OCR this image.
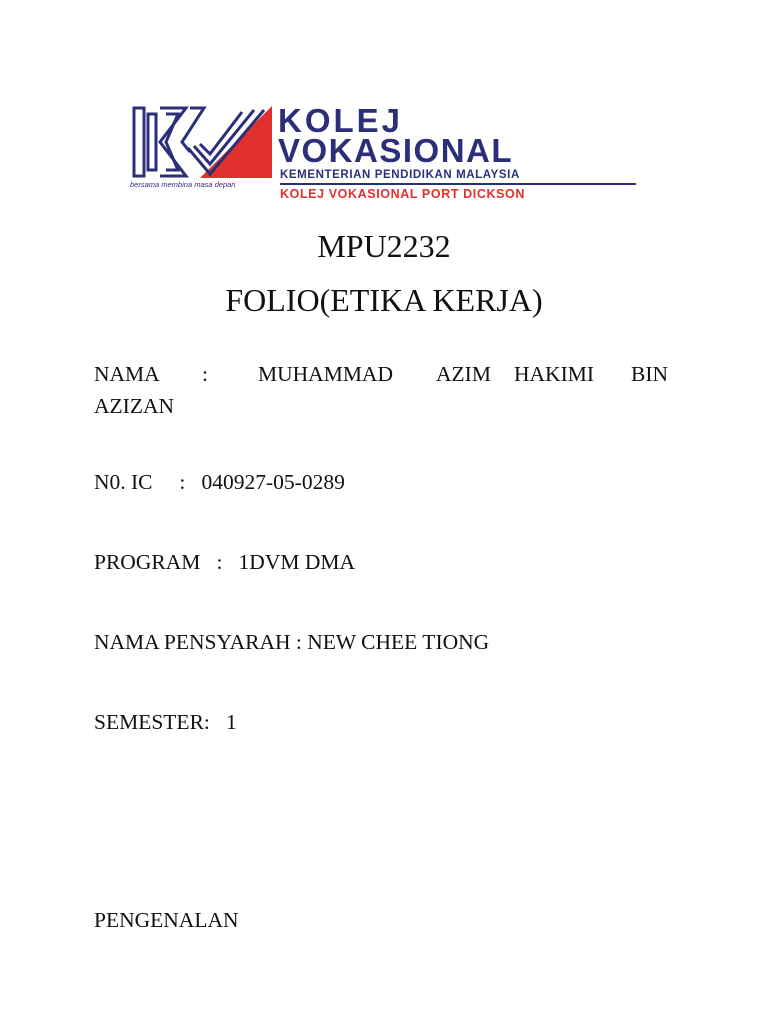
bersama membina masa depan
KOLEJ
VOKASIONAL
KEMENTERIAN PENDIDIKAN MALAYSIA
KOLEJ VOKASIONAL PORT DICKSON
MPU2232
FOLIO(ETIKA KERJA)
NAMA : MUHAMMAD AZIM HAKIMI BIN
AZIZAN
N0. IC     :   040927-05-0289
PROGRAM   :   1DVM DMA
NAMA PENSYARAH : NEW CHEE TIONG
SEMESTER:   1
PENGENALAN
